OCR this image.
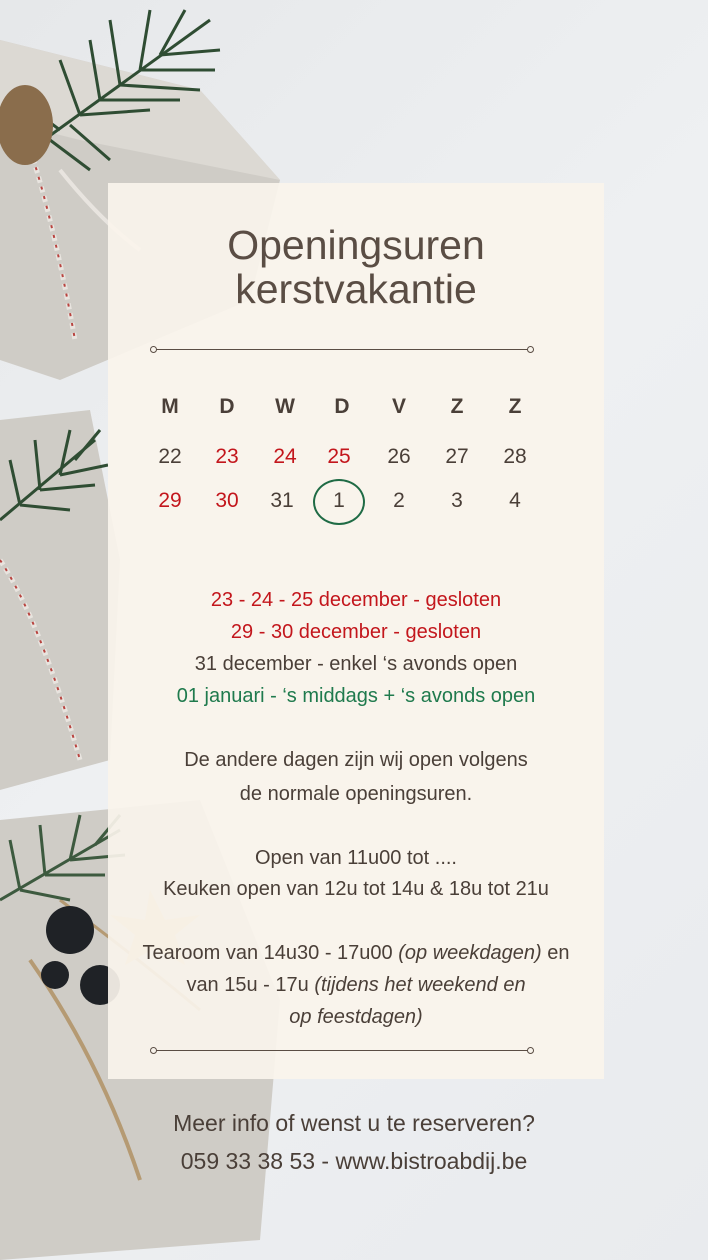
Openingsuren
kerstvakantie
M	D	W	D	V	Z	Z
22	23	24	25	26	27	28
29	30	31	1	2	3	4
23 - 24 - 25 december - gesloten
29 - 30 december - gesloten
31 december - enkel ‘s avonds open
01 januari - ‘s middags + ‘s avonds open
De andere dagen zijn wij open volgens
de normale openingsuren.
Open van 11u00 tot ....
Keuken open van 12u tot 14u & 18u tot 21u
Tearoom van 14u30 - 17u00 (op weekdagen) en
van 15u - 17u (tijdens het weekend en
op feestdagen)
Meer info of wenst u te reserveren?
059 33 38 53 - www.bistroabdij.be
